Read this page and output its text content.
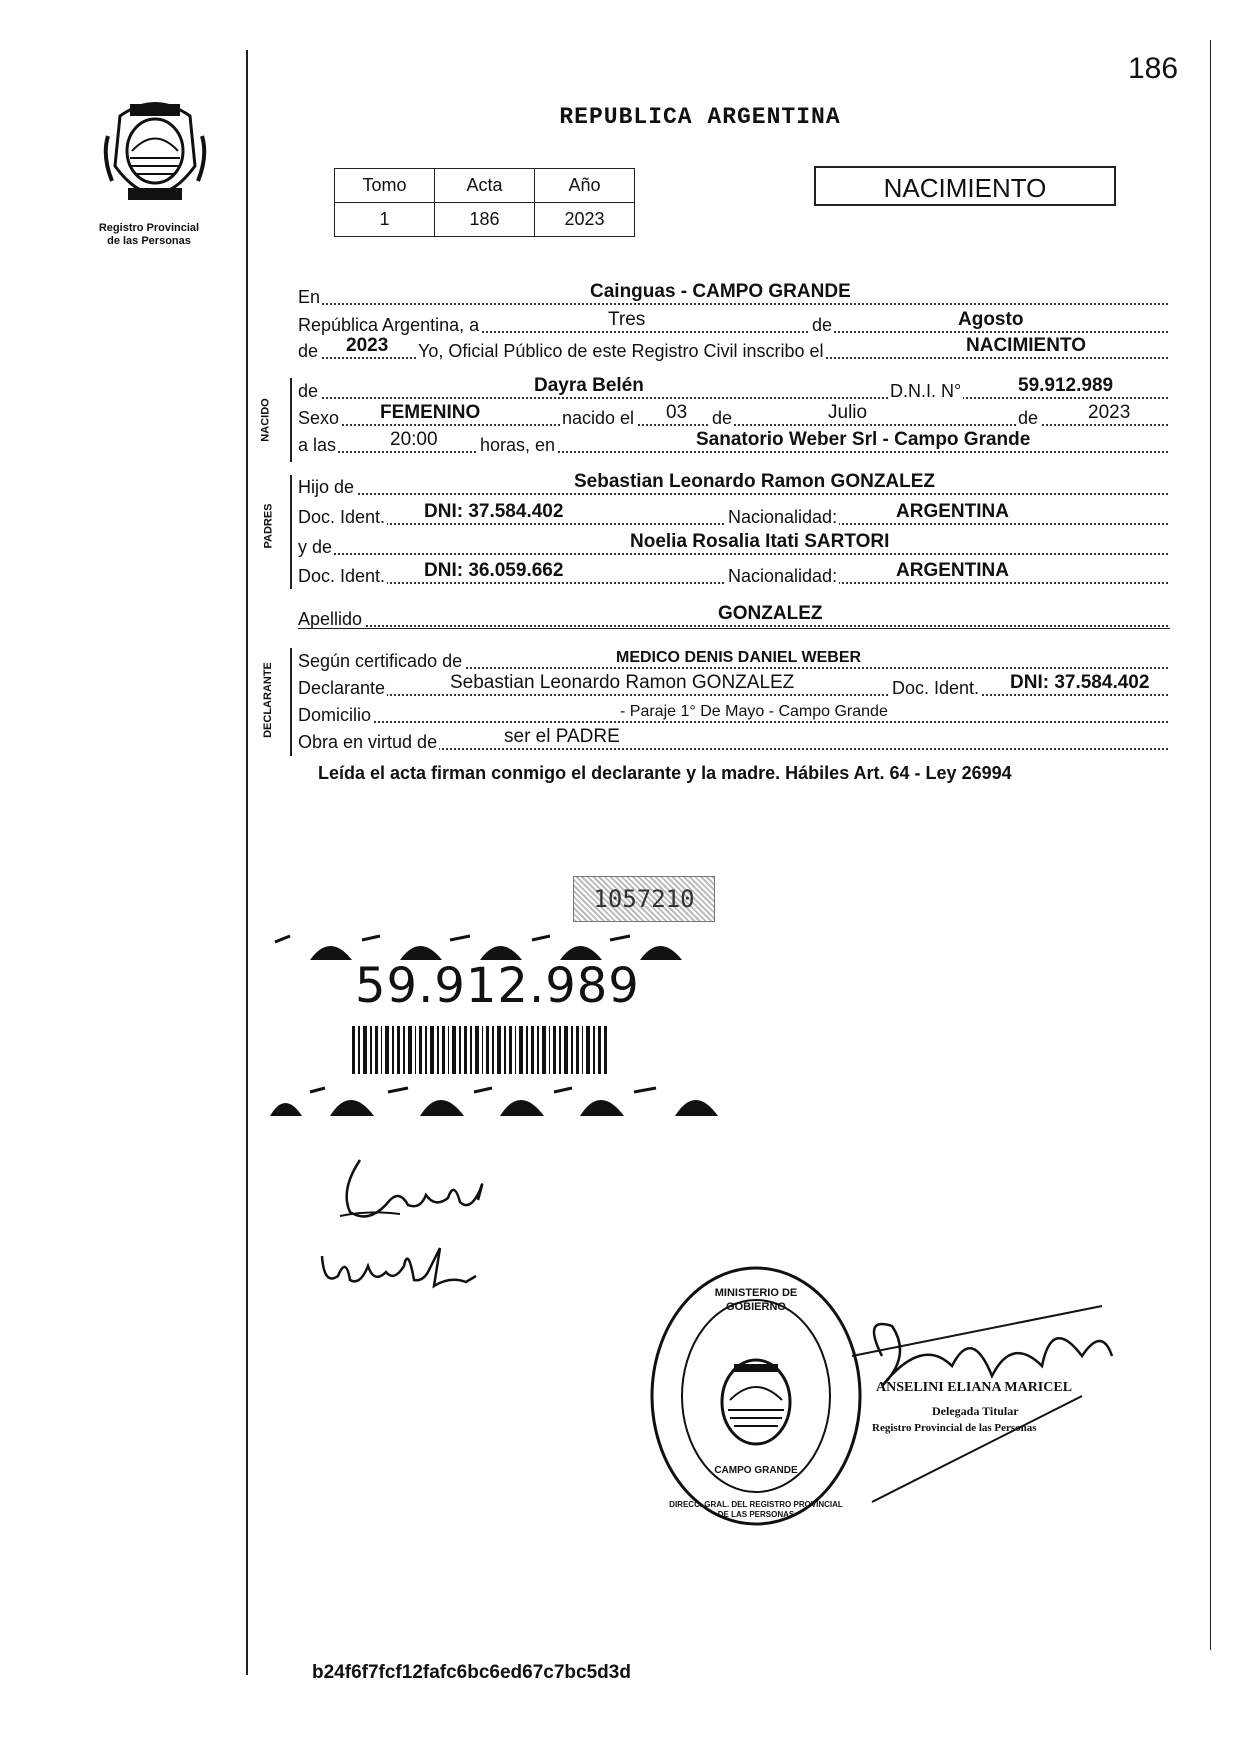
186
Registro Provincial
de las Personas
REPUBLICA ARGENTINA
Tomo	Acta	Año
1	186	2023
NACIMIENTO
En	Cainguas - CAMPO GRANDE
República Argentina, a	Tres	de	Agosto
de 2023 Yo, Oficial Público de este Registro Civil inscribo el	NACIMIENTO
NACIDO
de	Dayra Belén	D.N.I. N°	59.912.989
Sexo FEMENINO	nacido el 03 de	Julio	de	2023
a las	20:00 horas, en	Sanatorio Weber Srl - Campo Grande
PADRES
Hijo de	Sebastian Leonardo Ramon GONZALEZ
Doc. Ident. DNI: 37.584.402	Nacionalidad:	ARGENTINA
y de	Noelia Rosalia Itati SARTORI
Doc. Ident. DNI: 36.059.662	Nacionalidad:	ARGENTINA
Apellido	GONZALEZ
DECLARANTE
Según certificado de	MEDICO DENIS DANIEL WEBER
Declarante	Sebastian Leonardo Ramon GONZALEZ	Doc. Ident. DNI: 37.584.402
Domicilio	- Paraje 1° De Mayo - Campo Grande
Obra en virtud de	ser el PADRE
Leída el acta firman conmigo el declarante y la madre. Hábiles Art. 64 - Ley 26994
1057210
59.912.989
MINISTERIO DE GOBIERNO
CAMPO GRANDE
DIRECC. GRAL. DEL REGISTRO PROVINCIAL DE LAS PERSONAS
ANSELINI ELIANA MARICEL
Delegada Titular
Registro Provincial de las Personas
b24f6f7fcf12fafc6bc6ed67c7bc5d3d
